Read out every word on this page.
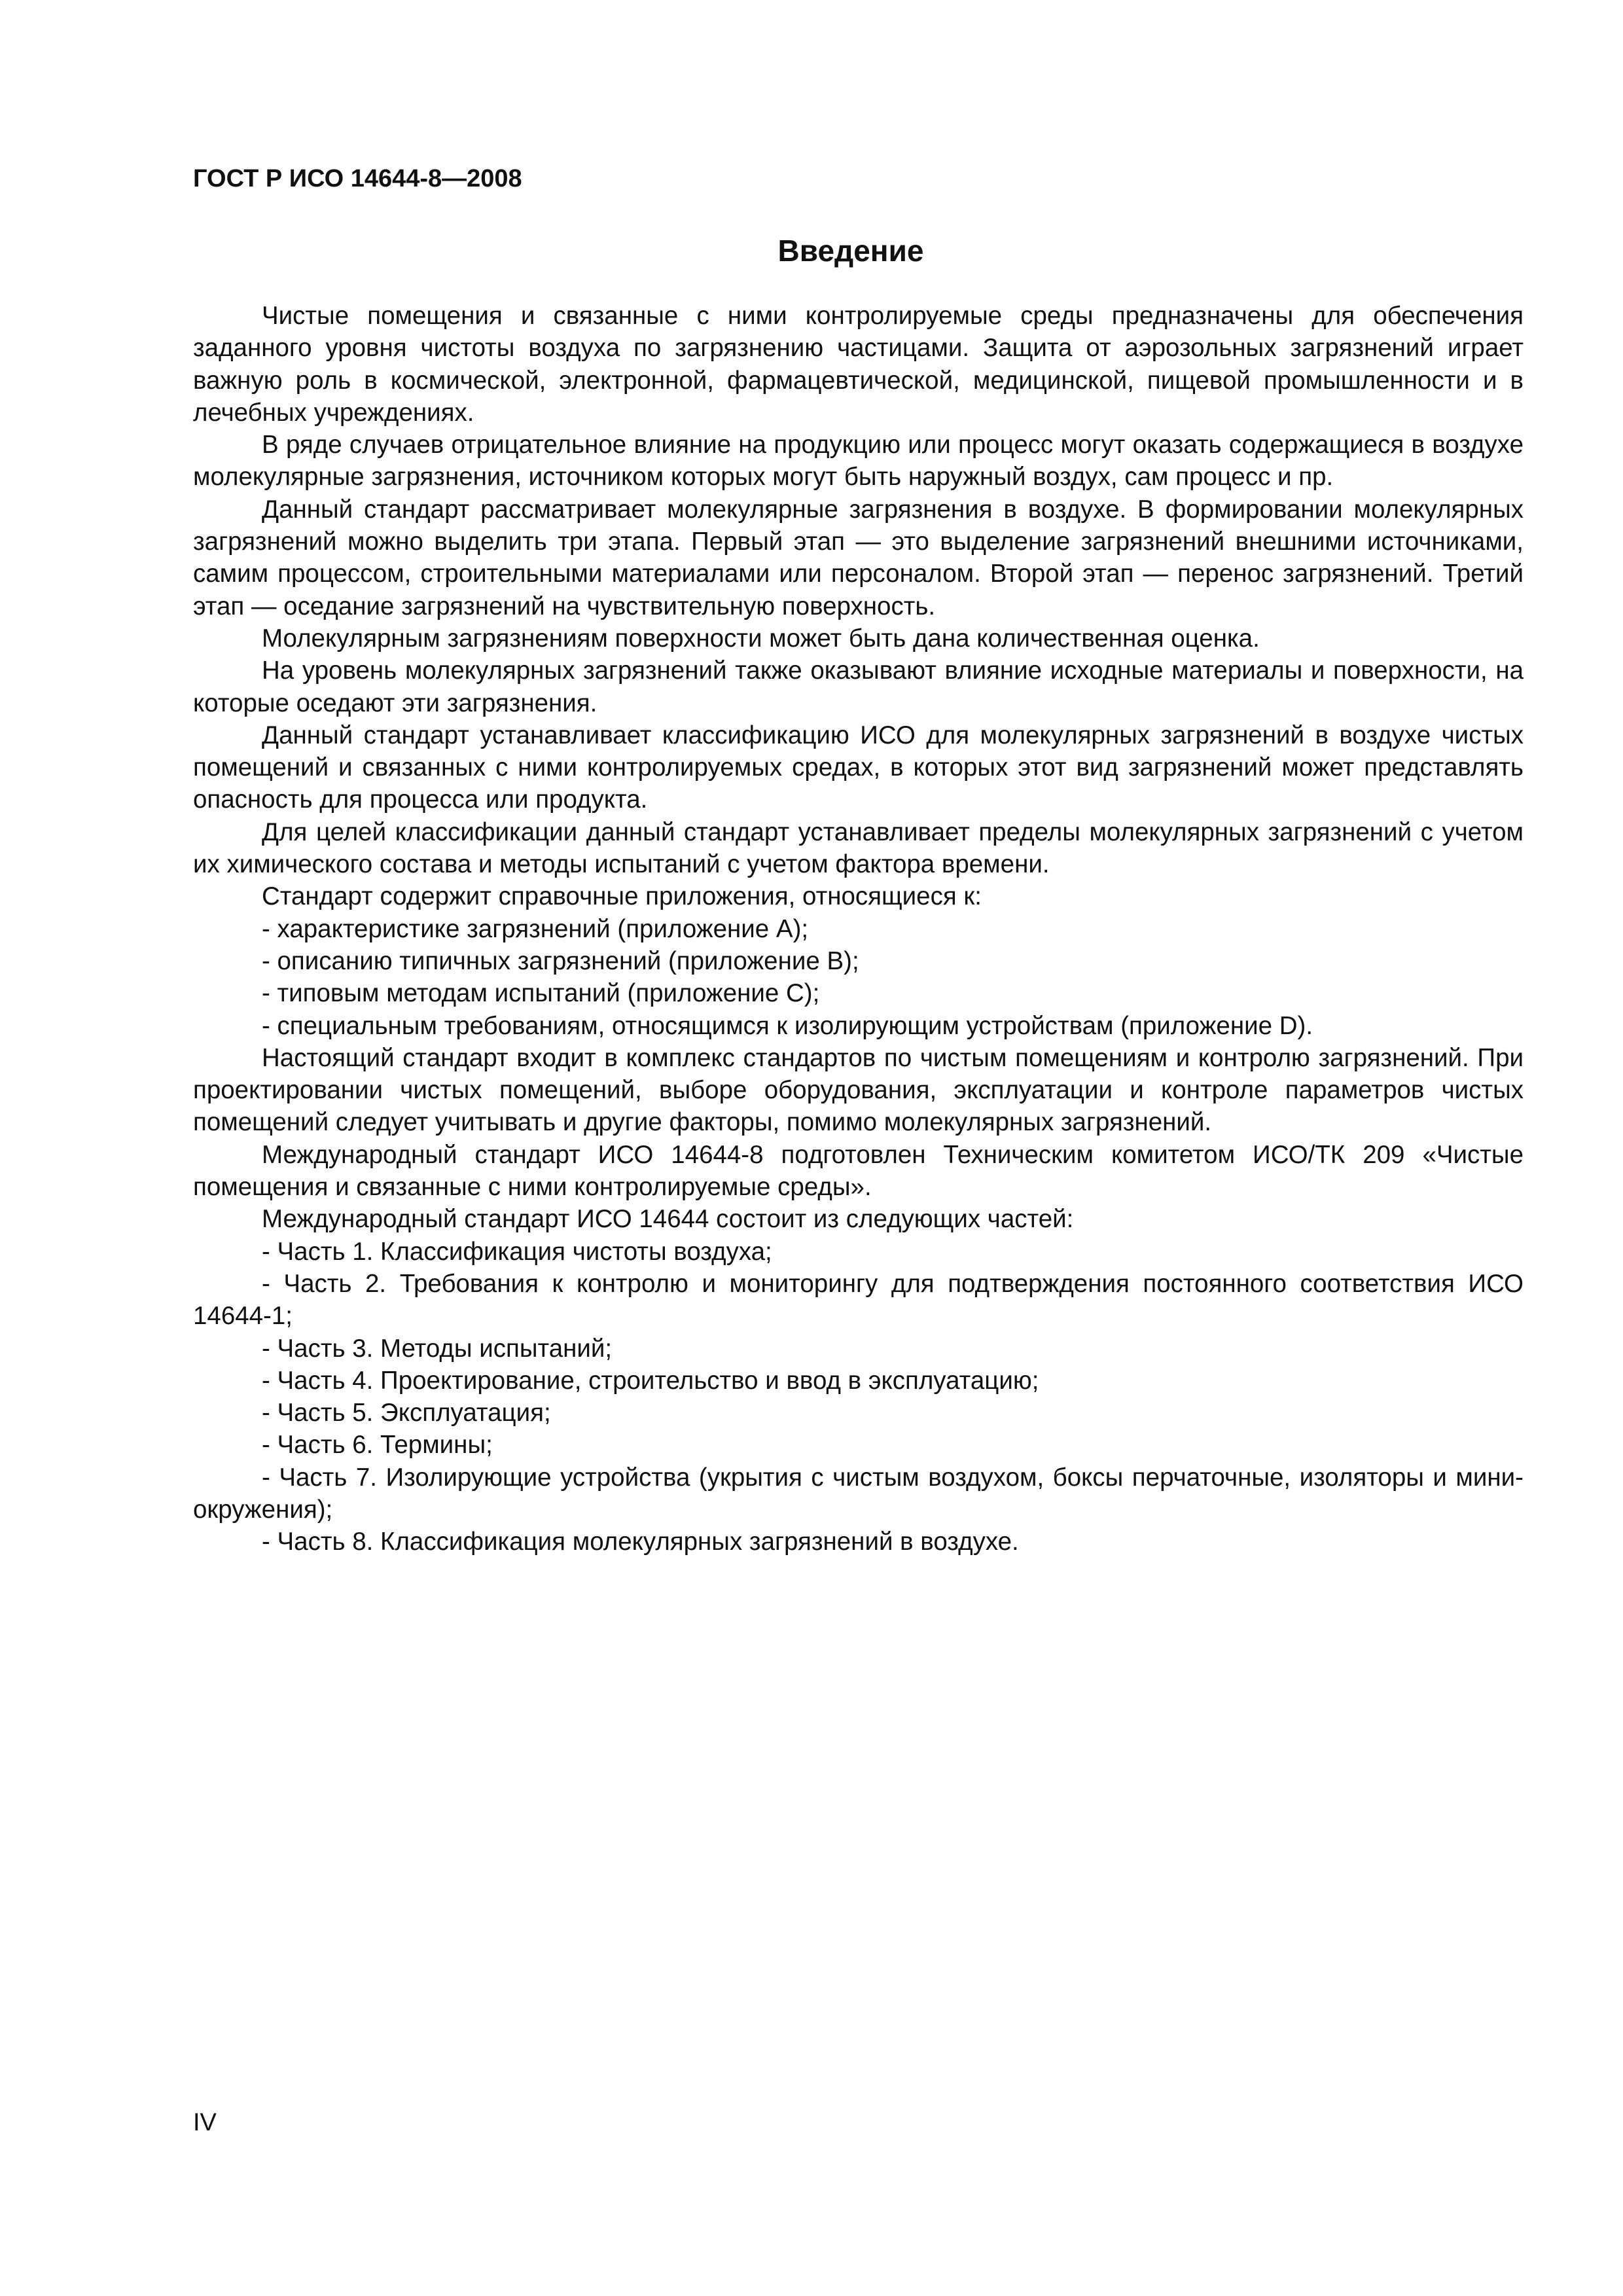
ГОСТ Р ИСО 14644-8—2008
Введение

Чистые помещения и связанные с ними контролируемые среды предназначены для обеспечения заданного уровня чистоты воздуха по загрязнению частицами. Защита от аэрозольных загрязнений играет важную роль в космической, электронной, фармацевтической, медицинской, пищевой промышленности и в лечебных учреждениях.

В ряде случаев отрицательное влияние на продукцию или процесс могут оказать содержащиеся в воздухе молекулярные загрязнения, источником которых могут быть наружный воздух, сам процесс и пр.

Данный стандарт рассматривает молекулярные загрязнения в воздухе. В формировании молекулярных загрязнений можно выделить три этапа. Первый этап — это выделение загрязнений внешними источниками, самим процессом, строительными материалами или персоналом. Второй этап — перенос загрязнений. Третий этап — оседание загрязнений на чувствительную поверхность.

Молекулярным загрязнениям поверхности может быть дана количественная оценка.

На уровень молекулярных загрязнений также оказывают влияние исходные материалы и поверхности, на которые оседают эти загрязнения.

Данный стандарт устанавливает классификацию ИСО для молекулярных загрязнений в воздухе чистых помещений и связанных с ними контролируемых средах, в которых этот вид загрязнений может представлять опасность для процесса или продукта.

Для целей классификации данный стандарт устанавливает пределы молекулярных загрязнений с учетом их химического состава и методы испытаний с учетом фактора времени.

Стандарт содержит справочные приложения, относящиеся к:

- характеристике загрязнений (приложение А);

- описанию типичных загрязнений (приложение В);

- типовым методам испытаний (приложение С);

- специальным требованиям, относящимся к изолирующим устройствам (приложение D).

Настоящий стандарт входит в комплекс стандартов по чистым помещениям и контролю загрязнений. При проектировании чистых помещений, выборе оборудования, эксплуатации и контроле параметров чистых помещений следует учитывать и другие факторы, помимо молекулярных загрязнений.

Международный стандарт ИСО 14644-8 подготовлен Техническим комитетом ИСО/ТК 209 «Чистые помещения и связанные с ними контролируемые среды».

Международный стандарт ИСО 14644 состоит из следующих частей:

- Часть 1. Классификация чистоты воздуха;

- Часть 2. Требования к контролю и мониторингу для подтверждения постоянного соответствия ИСО 14644-1;

- Часть 3. Методы испытаний;

- Часть 4. Проектирование, строительство и ввод в эксплуатацию;

- Часть 5. Эксплуатация;

- Часть 6. Термины;

- Часть 7. Изолирующие устройства (укрытия с чистым воздухом, боксы перчаточные, изоляторы и мини-окружения);

- Часть 8. Классификация молекулярных загрязнений в воздухе.

IV
